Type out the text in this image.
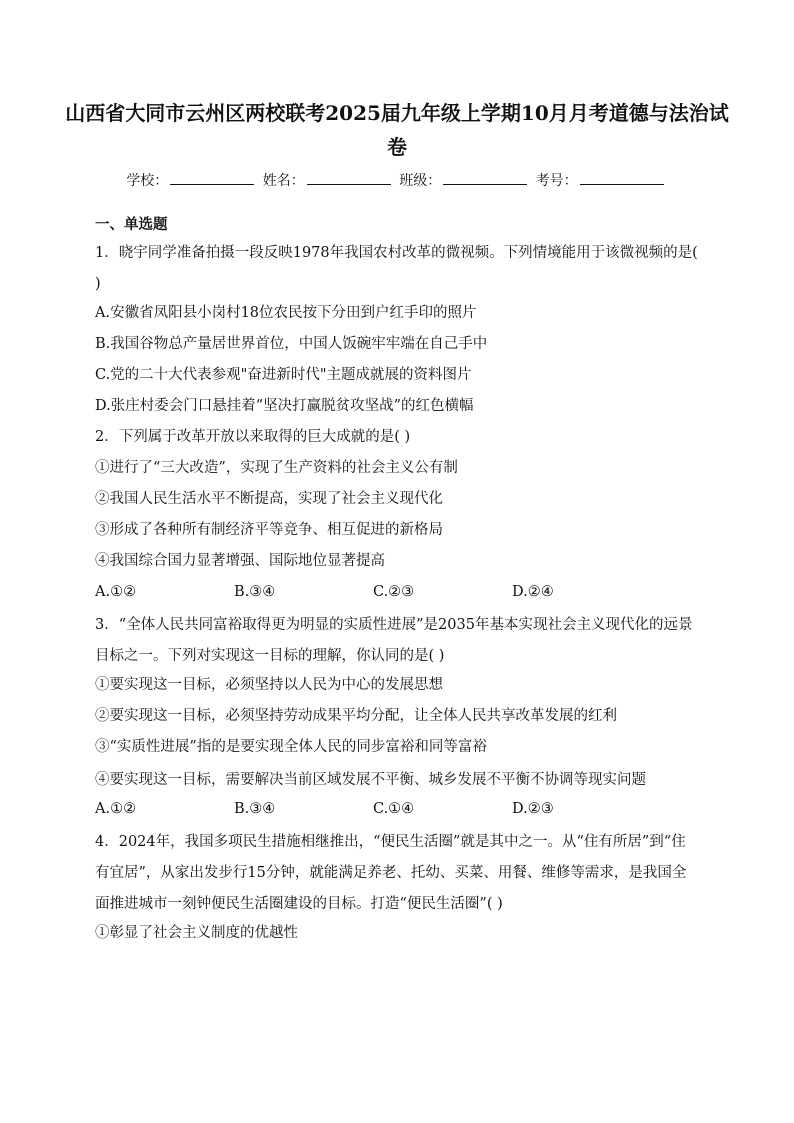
山西省大同市云州区两校联考2025届九年级上学期10月月考道德与法治试卷
学校：	姓名：	班级：	考号：
一、单选题
1．晓宇同学准备拍摄一段反映1978年我国农村改革的微视频。下列情境能用于该微视频的是( )
A.安徽省凤阳县小岗村18位农民按下分田到户红手印的照片
B.我国谷物总产量居世界首位，中国人饭碗牢牢端在自己手中
C.党的二十大代表参观"奋进新时代"主题成就展的资料图片
D.张庄村委会门口悬挂着“坚决打赢脱贫攻坚战”的红色横幅
2．下列属于改革开放以来取得的巨大成就的是( )
①进行了“三大改造”，实现了生产资料的社会主义公有制
②我国人民生活水平不断提高，实现了社会主义现代化
③形成了各种所有制经济平等竞争、相互促进的新格局
④我国综合国力显著增强、国际地位显著提高
A.①②	B.③④	C.②③	D.②④
3．“全体人民共同富裕取得更为明显的实质性进展”是2035年基本实现社会主义现代化的远景目标之一。下列对实现这一目标的理解，你认同的是( )
①要实现这一目标，必须坚持以人民为中心的发展思想
②要实现这一目标，必须坚持劳动成果平均分配，让全体人民共享改革发展的红利
③“实质性进展”指的是要实现全体人民的同步富裕和同等富裕
④要实现这一目标，需要解决当前区域发展不平衡、城乡发展不平衡不协调等现实问题
A.①②	B.③④	C.①④	D.②③
4．2024年，我国多项民生措施相继推出，“便民生活圈”就是其中之一。从“住有所居”到“住有宜居”，从家出发步行15分钟，就能满足养老、托幼、买菜、用餐、维修等需求，是我国全面推进城市一刻钟便民生活圈建设的目标。打造“便民生活圈”( )
①彰显了社会主义制度的优越性
